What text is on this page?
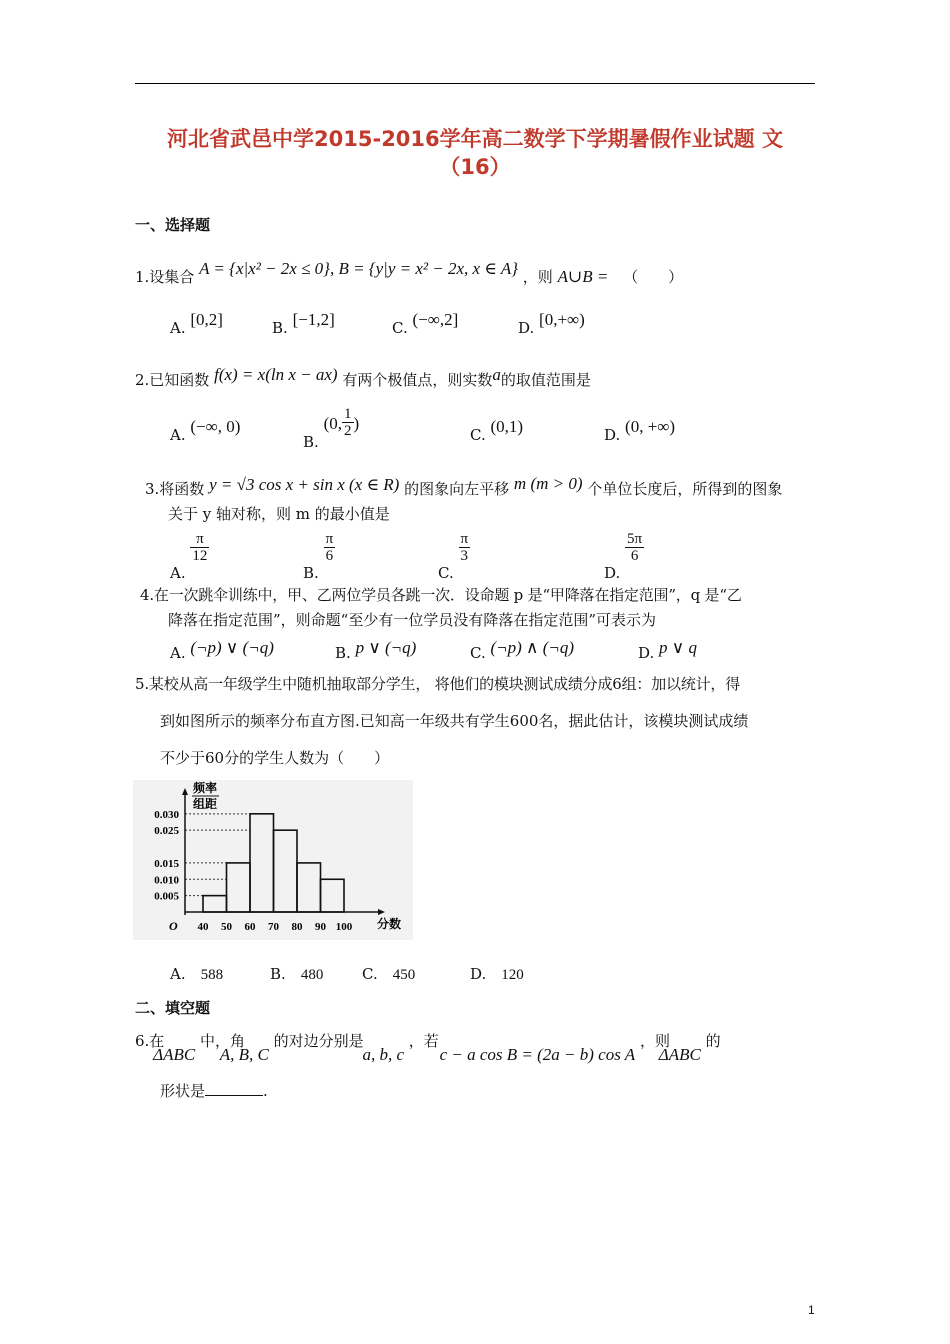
河北省武邑中学2015-2016学年高二数学下学期暑假作业试题 文
（16）
一、选择题
1.设集合 A = {x|x² − 2x ≤ 0}, B = {y|y = x² − 2x, x ∈ A} ，则 A∪B = （　　）
A. [0,2]	B. [−1,2]	C. (−∞,2]	D. [0,+∞)
2.已知函数 f(x) = x(ln x − ax) 有两个极值点，则实数a的取值范围是
A. (−∞, 0)
B. (0, $\frac{1}{2}$ )
C. (0,1)	D. (0, +∞)
3.将函数 y = √3 cos x + sin x (x ∈ R) 的图象向左平移 m (m > 0) 个单位长度后，所得到的图象
关于 y 轴对称，则 m 的最小值是
A.
$\frac{\pi}{12}$
B.
$\frac{\pi}{6}$
C.
$\frac{\pi}{3}$
D.
$\frac{5\pi}{6}$
4.在一次跳伞训练中，甲、乙两位学员各跳一次．设命题 p 是“甲降落在指定范围”，q 是“乙
降落在指定范围”，则命题“至少有一位学员没有降落在指定范围”可表示为
A. (¬p) ∨ (¬q)	B. p ∨ (¬q)	C. (¬p) ∧ (¬q)	D. p ∨ q
5.某校从高一年级学生中随机抽取部分学生， 将他们的模块测试成绩分成6组：加以统计，得
到如图所示的频率分布直方图.已知高一年级共有学生600名，据此估计，该模块测试成绩
不少于60分的学生人数为（　　）
频率
组距
O	分数
40 50 60 70 80 90 100
0.030
0.025
0.015
0.010
0.005
A.　 588	B.　 480	C.　 450	D.　 120
二、填空题
6.在 ΔABC 中，角 A, B, C 的对边分别是 a, b, c ，若 c − a cos B = (2a − b) cos A ，则 ΔABC 的
形状是	.
1
